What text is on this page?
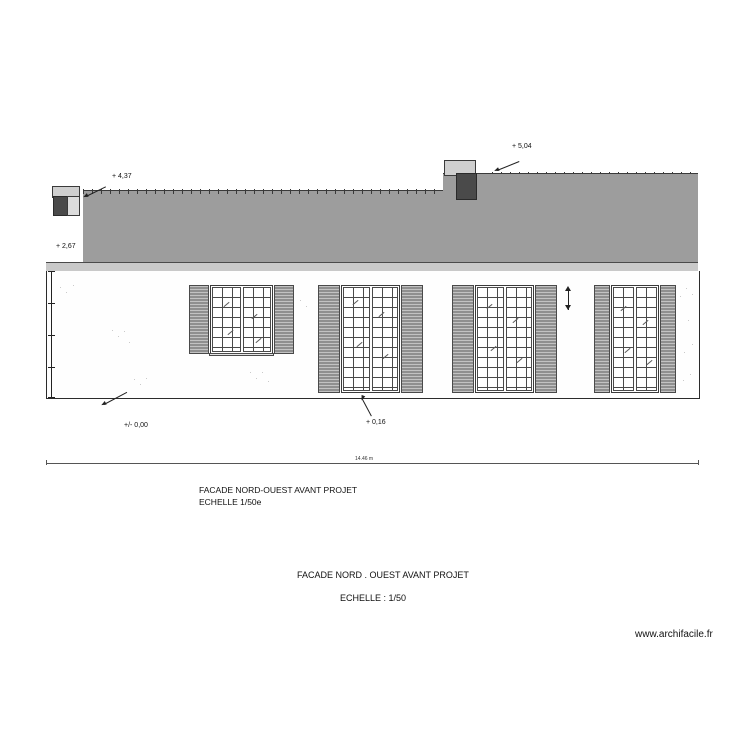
+ 5,04
+ 4,37
+ 2,67
+/- 0,00	+ 0,16
14.46 m
FACADE NORD-OUEST AVANT PROJET
ECHELLE 1/50e
FACADE NORD . OUEST AVANT PROJET
ECHELLE : 1/50
www.archifacile.fr
